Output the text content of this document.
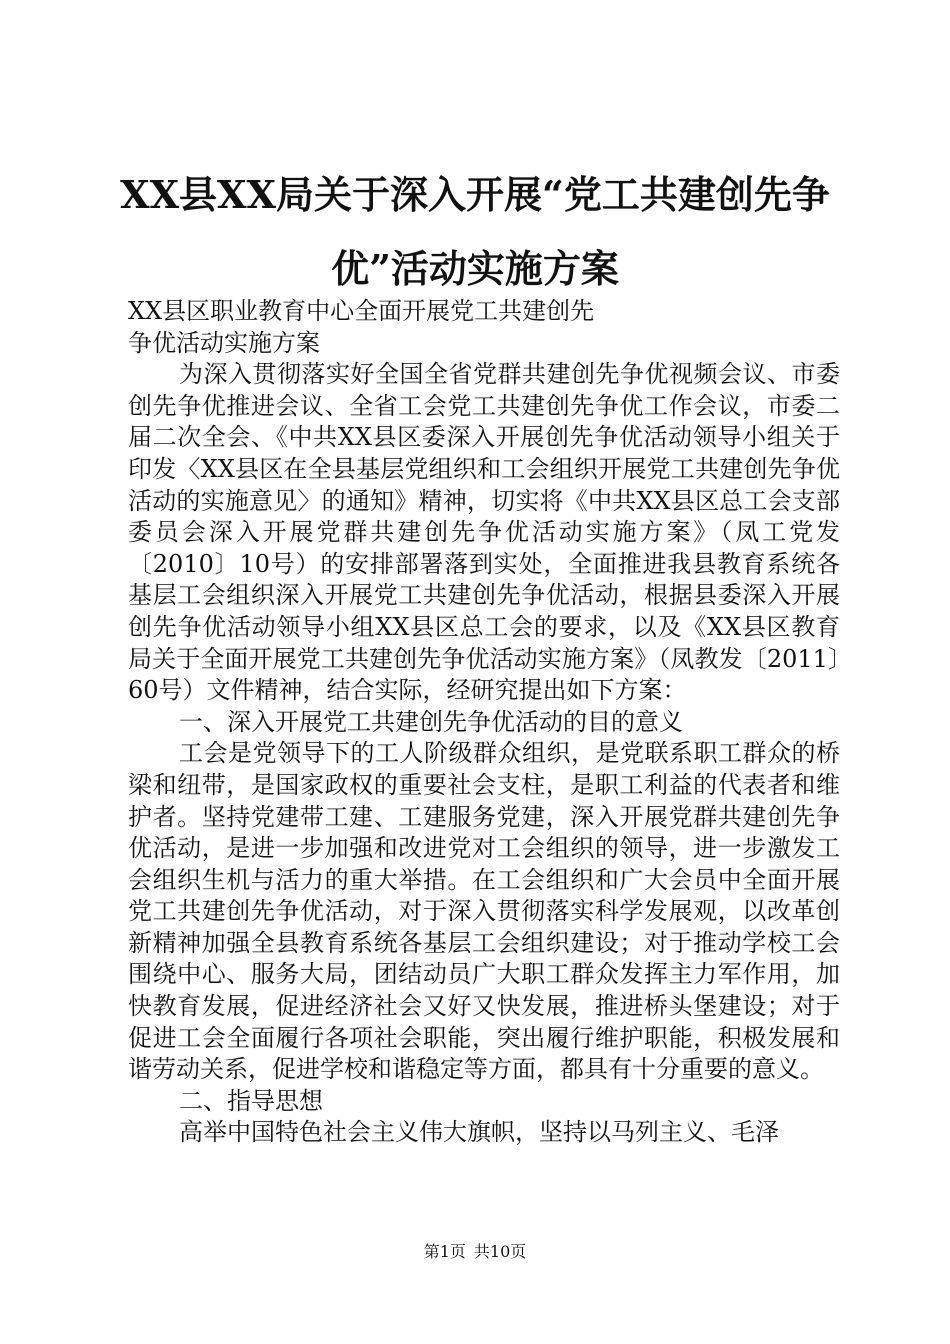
XX县XX局关于深入开展“党工共建创先争优”活动实施方案

XX县区职业教育中心全面开展党工共建创先

争优活动实施方案

为深入贯彻落实好全国全省党群共建创先争优视频会议、市委创先争优推进会议、全省工会党工共建创先争优工作会议，市委二届二次全会、《中共XX县区委深入开展创先争优活动领导小组关于印发〈XX县区在全县基层党组织和工会组织开展党工共建创先争优活动的实施意见〉的通知》精神，切实将《中共XX县区总工会支部委员会深入开展党群共建创先争优活动实施方案》（凤工党发〔2010〕10号）的安排部署落到实处，全面推进我县教育系统各基层工会组织深入开展党工共建创先争优活动，根据县委深入开展创先争优活动领导小组XX县区总工会的要求，以及《XX县区教育局关于全面开展党工共建创先争优活动实施方案》（凤教发〔2011〕60号）文件精神，结合实际，经研究提出如下方案：

一、深入开展党工共建创先争优活动的目的意义

工会是党领导下的工人阶级群众组织，是党联系职工群众的桥梁和纽带，是国家政权的重要社会支柱，是职工利益的代表者和维护者。坚持党建带工建、工建服务党建，深入开展党群共建创先争优活动，是进一步加强和改进党对工会组织的领导，进一步激发工会组织生机与活力的重大举措。在工会组织和广大会员中全面开展党工共建创先争优活动，对于深入贯彻落实科学发展观，以改革创新精神加强全县教育系统各基层工会组织建设；对于推动学校工会围绕中心、服务大局，团结动员广大职工群众发挥主力军作用，加快教育发展，促进经济社会又好又快发展，推进桥头堡建设；对于促进工会全面履行各项社会职能，突出履行维护职能，积极发展和谐劳动关系，促进学校和谐稳定等方面，都具有十分重要的意义。

二、指导思想

高举中国特色社会主义伟大旗帜，坚持以马列主义、毛泽

第1页 共10页
